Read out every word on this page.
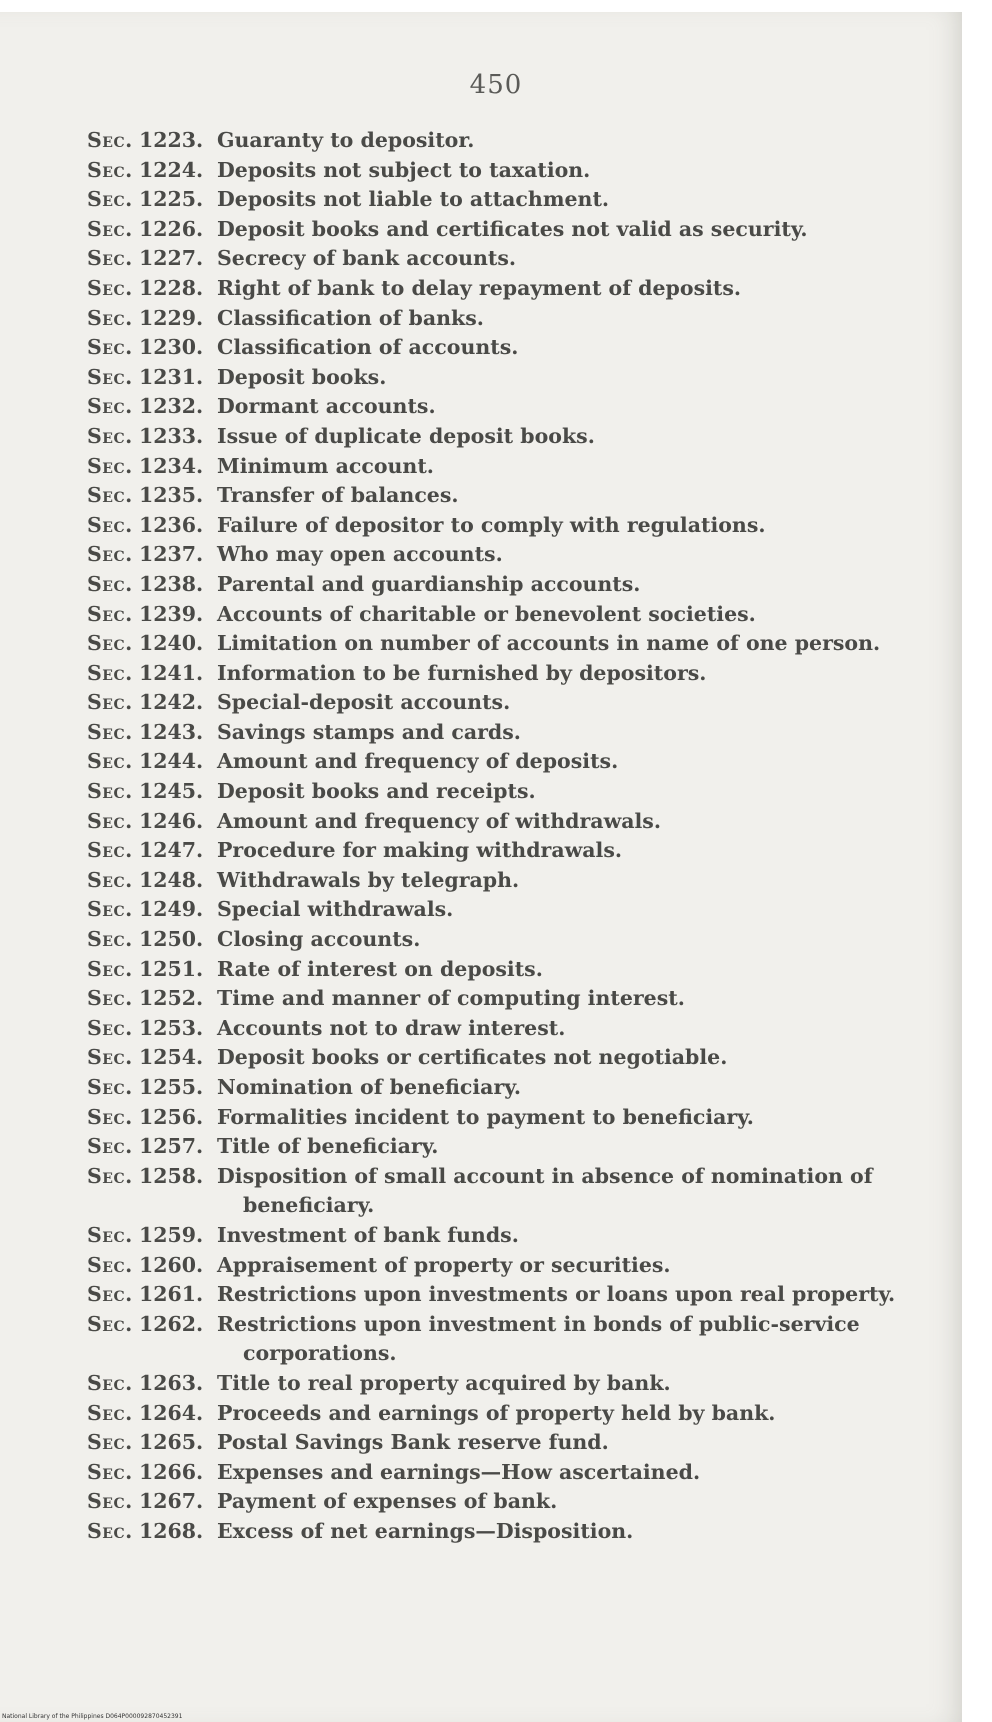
450
Sec. 1223. Guaranty to depositor.
Sec. 1224. Deposits not subject to taxation.
Sec. 1225. Deposits not liable to attachment.
Sec. 1226. Deposit books and certificates not valid as security.
Sec. 1227. Secrecy of bank accounts.
Sec. 1228. Right of bank to delay repayment of deposits.
Sec. 1229. Classification of banks.
Sec. 1230. Classification of accounts.
Sec. 1231. Deposit books.
Sec. 1232. Dormant accounts.
Sec. 1233. Issue of duplicate deposit books.
Sec. 1234. Minimum account.
Sec. 1235. Transfer of balances.
Sec. 1236. Failure of depositor to comply with regulations.
Sec. 1237. Who may open accounts.
Sec. 1238. Parental and guardianship accounts.
Sec. 1239. Accounts of charitable or benevolent societies.
Sec. 1240. Limitation on number of accounts in name of one person.
Sec. 1241. Information to be furnished by depositors.
Sec. 1242. Special-deposit accounts.
Sec. 1243. Savings stamps and cards.
Sec. 1244. Amount and frequency of deposits.
Sec. 1245. Deposit books and receipts.
Sec. 1246. Amount and frequency of withdrawals.
Sec. 1247. Procedure for making withdrawals.
Sec. 1248. Withdrawals by telegraph.
Sec. 1249. Special withdrawals.
Sec. 1250. Closing accounts.
Sec. 1251. Rate of interest on deposits.
Sec. 1252. Time and manner of computing interest.
Sec. 1253. Accounts not to draw interest.
Sec. 1254. Deposit books or certificates not negotiable.
Sec. 1255. Nomination of beneficiary.
Sec. 1256. Formalities incident to payment to beneficiary.
Sec. 1257. Title of beneficiary.
Sec. 1258. Disposition of small account in absence of nomination of
beneficiary.
Sec. 1259. Investment of bank funds.
Sec. 1260. Appraisement of property or securities.
Sec. 1261. Restrictions upon investments or loans upon real property.
Sec. 1262. Restrictions upon investment in bonds of public-service
corporations.
Sec. 1263. Title to real property acquired by bank.
Sec. 1264. Proceeds and earnings of property held by bank.
Sec. 1265. Postal Savings Bank reserve fund.
Sec. 1266. Expenses and earnings—How ascertained.
Sec. 1267. Payment of expenses of bank.
Sec. 1268. Excess of net earnings—Disposition.
National Library of the Philippines D064P000092870452391
